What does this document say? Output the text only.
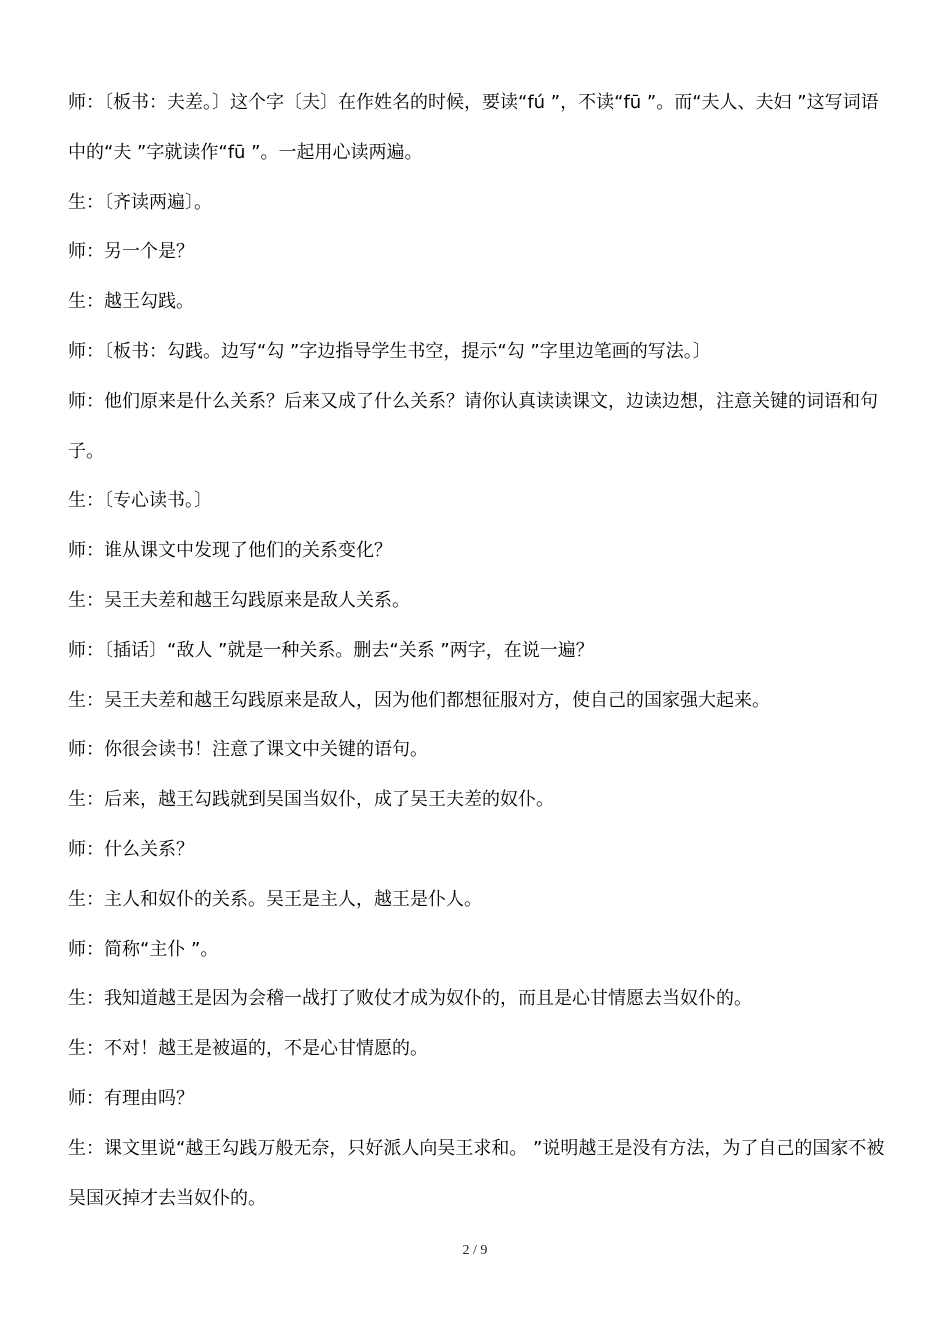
师：〔板书：夫差。〕这个字〔夫〕在作姓名的时候，要读“fú ”，不读“fū ”。而“夫人、夫妇 ”这写词语中的“夫 ”字就读作“fū ”。一起用心读两遍。

生：〔齐读两遍〕。

师：另一个是？

生：越王勾践。

师：〔板书：勾践。边写“勾 ”字边指导学生书空，提示“勾 ”字里边笔画的写法。〕

师：他们原来是什么关系？后来又成了什么关系？请你认真读读课文，边读边想，注意关键的词语和句子。

生：〔专心读书。〕

师：谁从课文中发现了他们的关系变化？

生：吴王夫差和越王勾践原来是敌人关系。

师：〔插话〕“敌人 ”就是一种关系。删去“关系 ”两字，在说一遍？

生：吴王夫差和越王勾践原来是敌人，因为他们都想征服对方，使自己的国家强大起来。

师：你很会读书！注意了课文中关键的语句。

生：后来，越王勾践就到吴国当奴仆，成了吴王夫差的奴仆。

师：什么关系？

生：主人和奴仆的关系。吴王是主人，越王是仆人。

师：简称“主仆 ”。

生：我知道越王是因为会稽一战打了败仗才成为奴仆的，而且是心甘情愿去当奴仆的。

生：不对！越王是被逼的，不是心甘情愿的。

师：有理由吗？

生：课文里说“越王勾践万般无奈，只好派人向吴王求和。 ”说明越王是没有方法，为了自己的国家不被吴国灭掉才去当奴仆的。

2 / 9
